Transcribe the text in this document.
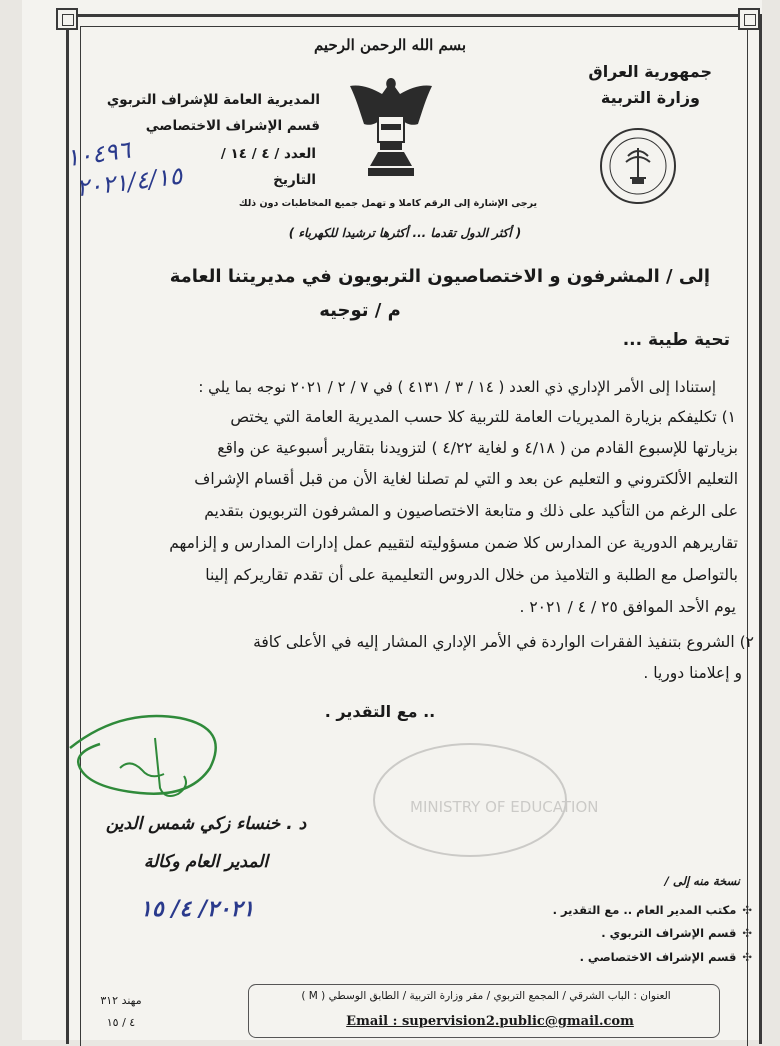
بسم الله الرحمن الرحيم
جمهورية العراق
وزارة التربية
المديرية العامة للإشراف التربوي
قسم الإشراف الاختصاصي
العدد / ٤ / ١٤ /
١٠٤٩٦
التاريخ
٢٠٢١/٤/١٥
يرجى الإشارة إلى الرقم كاملا و تهمل جميع المخاطبات دون ذلك
( أكثر الدول تقدما ... أكثرها ترشيدا للكهرباء )
إلى / المشرفون و الاختصاصيون التربويون في مديريتنا العامة
م / توجيه
تحية طيبة ...
إستنادا إلى الأمر الإداري ذي العدد ( ١٤ / ٣ / ٤١٣١ ) في ٧ / ٢ / ٢٠٢١ نوجه بما يلي :
١) تكليفكم بزيارة المديريات العامة للتربية كلا حسب المديرية العامة التي يختص
بزيارتها للإسبوع القادم من ( ٤/١٨ و لغاية ٤/٢٢ ) لتزويدنا بتقارير أسبوعية عن واقع
التعليم الألكتروني و التعليم عن بعد و التي لم تصلنا لغاية الأن من قبل أقسام الإشراف
على الرغم من التأكيد على ذلك و متابعة الاختصاصيون و المشرفون التربويون بتقديم
تقاريرهم الدورية عن المدارس كلا ضمن مسؤوليته لتقييم عمل إدارات المدارس و إلزامهم
بالتواصل مع الطلبة و التلاميذ من خلال الدروس التعليمية على أن تقدم تقاريركم إلينا
يوم الأحد الموافق ٢٥ / ٤ / ٢٠٢١ .
٢) الشروع بتنفيذ الفقرات الواردة في الأمر الإداري المشار إليه في الأعلى كافة
و إعلامنا دوريا .
.. مع التقدير .
MINISTRY OF EDUCATION
د . خنساء زكي شمس الدين
المدير العام وكالة
٢٠٢١/ ٤/ ١٥
نسخة منه إلى /
✣مكتب المدير العام .. مع التقدير .
✣قسم الإشراف التربوي .
✣قسم الإشراف الاختصاصي .
مهند ٣١٢
٤ / ١٥
العنوان : الباب الشرقي / المجمع التربوي / مقر وزارة التربية / الطابق الوسطي ( M )
Email : supervision2.public@gmail.com
